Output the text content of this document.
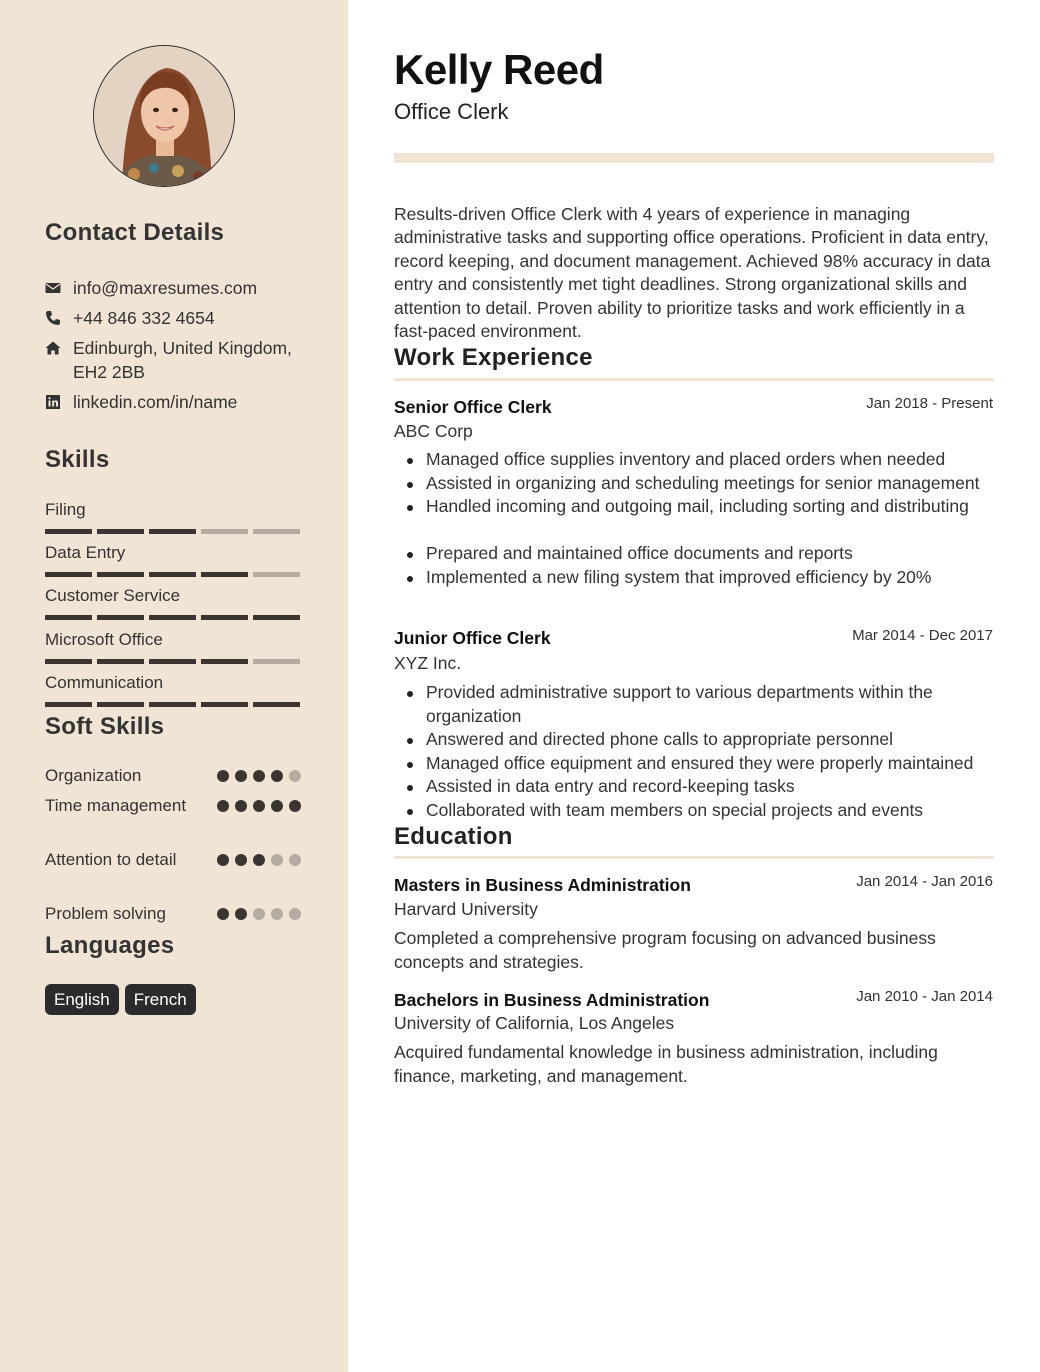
Contact Details
info@maxresumes.com
+44 846 332 4654
Edinburgh, United Kingdom, EH2 2BB
linkedin.com/in/name
Skills
Filing
Data Entry
Customer Service
Microsoft Office
Communication
Soft Skills
Organization
Time management
Attention to detail
Problem solving
Languages
English	French
Kelly Reed
Office Clerk

Results-driven Office Clerk with 4 years of experience in managing administrative tasks and supporting office operations. Proficient in data entry, record keeping, and document management. Achieved 98% accuracy in data entry and consistently met tight deadlines. Strong organizational skills and attention to detail. Proven ability to prioritize tasks and work efficiently in a fast-paced environment.

Work Experience
Senior Office Clerk	Jan 2018 - Present
ABC Corp
Managed office supplies inventory and placed orders when needed
Assisted in organizing and scheduling meetings for senior management
Handled incoming and outgoing mail, including sorting and distributing
Prepared and maintained office documents and reports
Implemented a new filing system that improved efficiency by 20%
Junior Office Clerk	Mar 2014 - Dec 2017
XYZ Inc.
Provided administrative support to various departments within the organization
Answered and directed phone calls to appropriate personnel
Managed office equipment and ensured they were properly maintained
Assisted in data entry and record-keeping tasks
Collaborated with team members on special projects and events
Education
Masters in Business Administration	Jan 2014 - Jan 2016
Harvard University

Completed a comprehensive program focusing on advanced business concepts and strategies.

Bachelors in Business Administration	Jan 2010 - Jan 2014
University of California, Los Angeles

Acquired fundamental knowledge in business administration, including finance, marketing, and management.
